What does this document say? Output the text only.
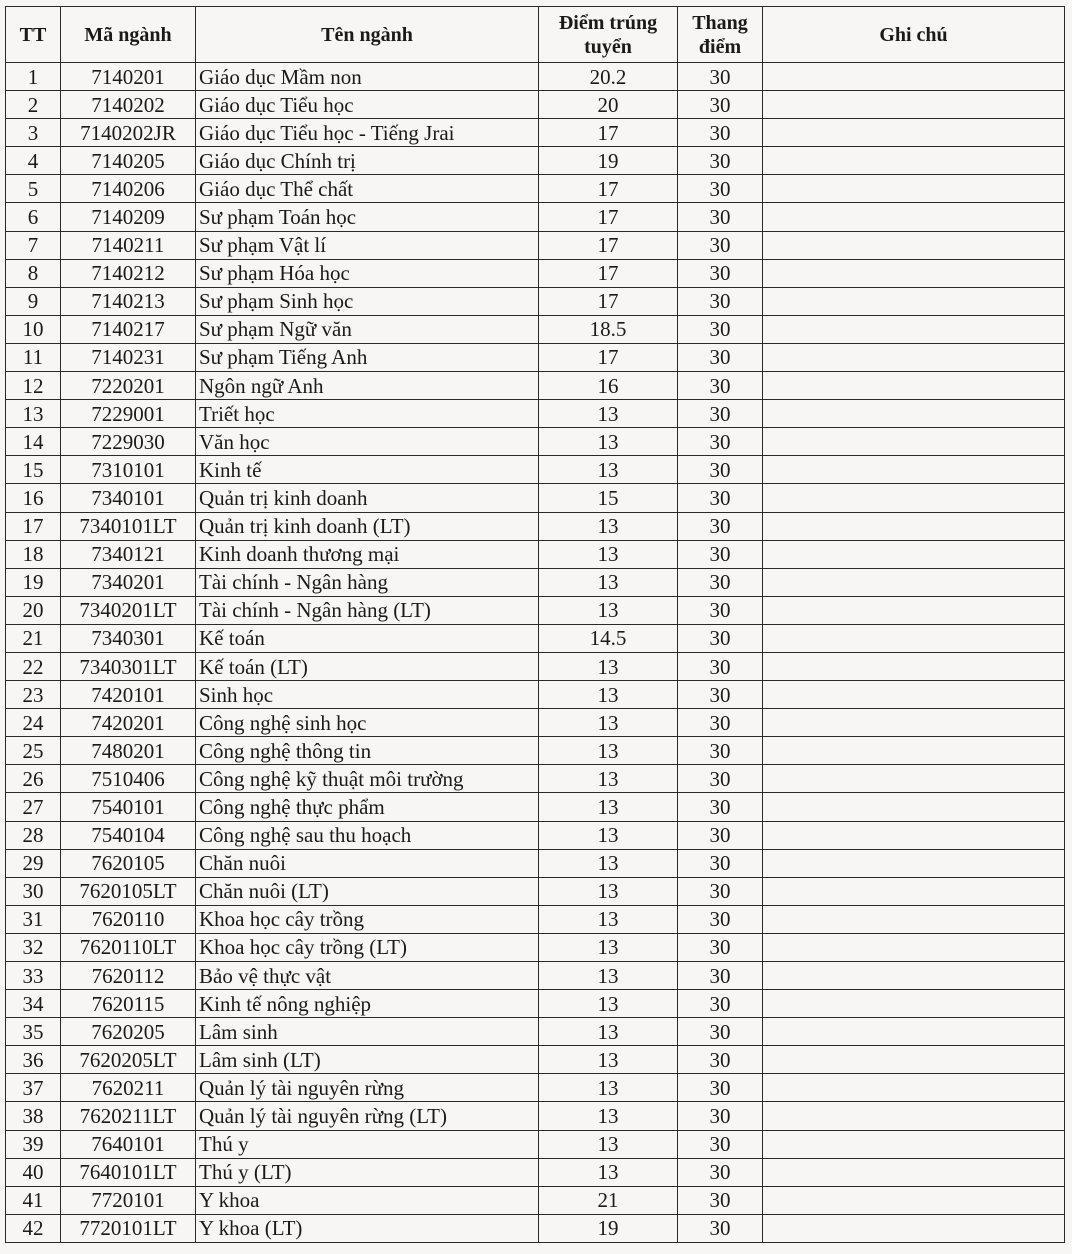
TT	Mã ngành	Tên ngành	Điểm trúng tuyển	Thang điểm	Ghi chú
1	7140201	Giáo dục Mầm non	20.2	30	
2	7140202	Giáo dục Tiểu học	20	30	
3	7140202JR	Giáo dục Tiểu học - Tiếng Jrai	17	30	
4	7140205	Giáo dục Chính trị	19	30	
5	7140206	Giáo dục Thể chất	17	30	
6	7140209	Sư phạm Toán học	17	30	
7	7140211	Sư phạm Vật lí	17	30	
8	7140212	Sư phạm Hóa học	17	30	
9	7140213	Sư phạm Sinh học	17	30	
10	7140217	Sư phạm Ngữ văn	18.5	30	
11	7140231	Sư phạm Tiếng Anh	17	30	
12	7220201	Ngôn ngữ Anh	16	30	
13	7229001	Triết học	13	30	
14	7229030	Văn học	13	30	
15	7310101	Kinh tế	13	30	
16	7340101	Quản trị kinh doanh	15	30	
17	7340101LT	Quản trị kinh doanh (LT)	13	30	
18	7340121	Kinh doanh thương mại	13	30	
19	7340201	Tài chính - Ngân hàng	13	30	
20	7340201LT	Tài chính - Ngân hàng (LT)	13	30	
21	7340301	Kế toán	14.5	30	
22	7340301LT	Kế toán (LT)	13	30	
23	7420101	Sinh học	13	30	
24	7420201	Công nghệ sinh học	13	30	
25	7480201	Công nghệ thông tin	13	30	
26	7510406	Công nghệ kỹ thuật môi trường	13	30	
27	7540101	Công nghệ thực phẩm	13	30	
28	7540104	Công nghệ sau thu hoạch	13	30	
29	7620105	Chăn nuôi	13	30	
30	7620105LT	Chăn nuôi (LT)	13	30	
31	7620110	Khoa học cây trồng	13	30	
32	7620110LT	Khoa học cây trồng (LT)	13	30	
33	7620112	Bảo vệ thực vật	13	30	
34	7620115	Kinh tế nông nghiệp	13	30	
35	7620205	Lâm sinh	13	30	
36	7620205LT	Lâm sinh (LT)	13	30	
37	7620211	Quản lý tài nguyên rừng	13	30	
38	7620211LT	Quản lý tài nguyên rừng (LT)	13	30	
39	7640101	Thú y	13	30	
40	7640101LT	Thú y (LT)	13	30	
41	7720101	Y khoa	21	30	
42	7720101LT	Y khoa (LT)	19	30	
